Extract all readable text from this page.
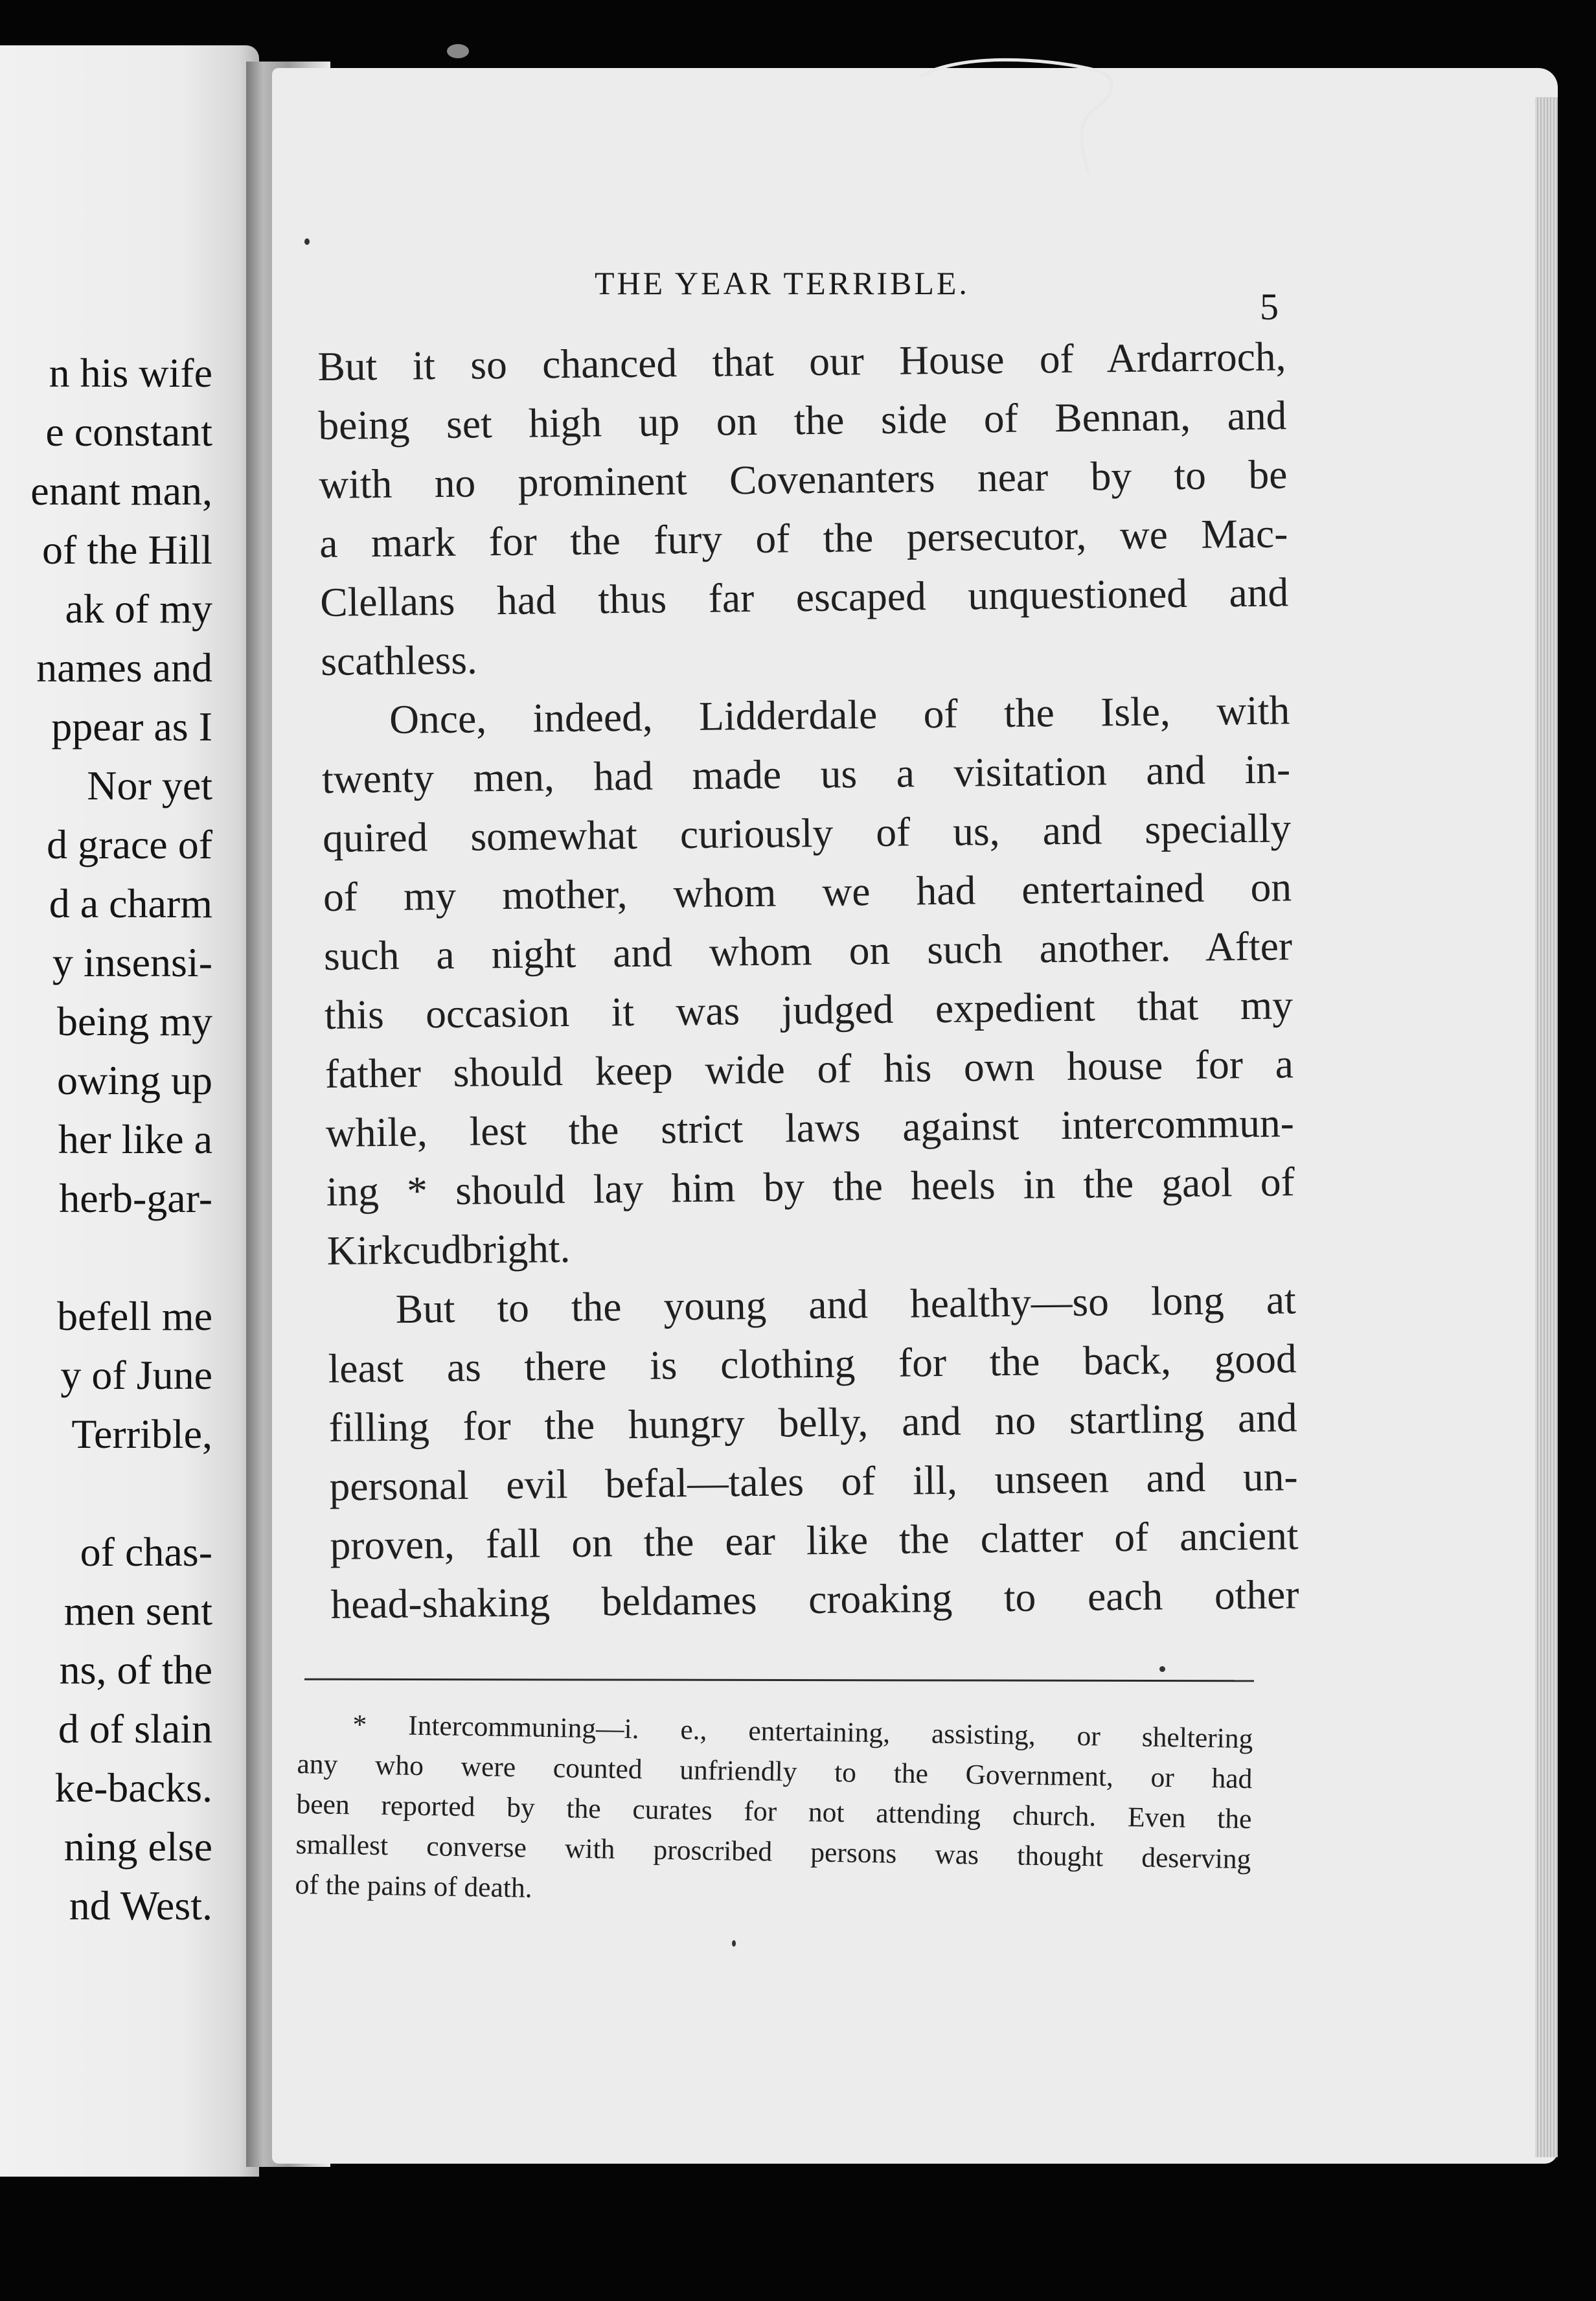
n his wife
e constant
enant man,
of the Hill
ak of my
names and
ppear as I
Nor yet
d grace of
d a charm
y insensi-
being my
owing up
her like a
herb-gar-
befell me
y of June
Terrible,
of chas-
men sent
ns, of the
d of slain
ke-backs.
ning else
nd West.
THE YEAR TERRIBLE.
5
But it so chanced that our House of Ardarroch,
being set high up on the side of Bennan, and
with no prominent Covenanters near by to be
a mark for the fury of the persecutor, we Mac-
Clellans had thus far escaped unquestioned and
scathless.
Once, indeed, Lidderdale of the Isle, with
twenty men, had made us a visitation and in-
quired somewhat curiously of us, and specially
of my mother, whom we had entertained on
such a night and whom on such another. After
this occasion it was judged expedient that my
father should keep wide of his own house for a
while, lest the strict laws against intercommun-
ing * should lay him by the heels in the gaol of
Kirkcudbright.
But to the young and healthy—so long at
least as there is clothing for the back, good
filling for the hungry belly, and no startling and
personal evil befal—tales of ill, unseen and un-
proven, fall on the ear like the clatter of ancient
head-shaking beldames croaking to each other
* Intercommuning—i. e., entertaining, assisting, or sheltering
any who were counted unfriendly to the Government, or had
been reported by the curates for not attending church. Even the
smallest converse with proscribed persons was thought deserving
of the pains of death.
